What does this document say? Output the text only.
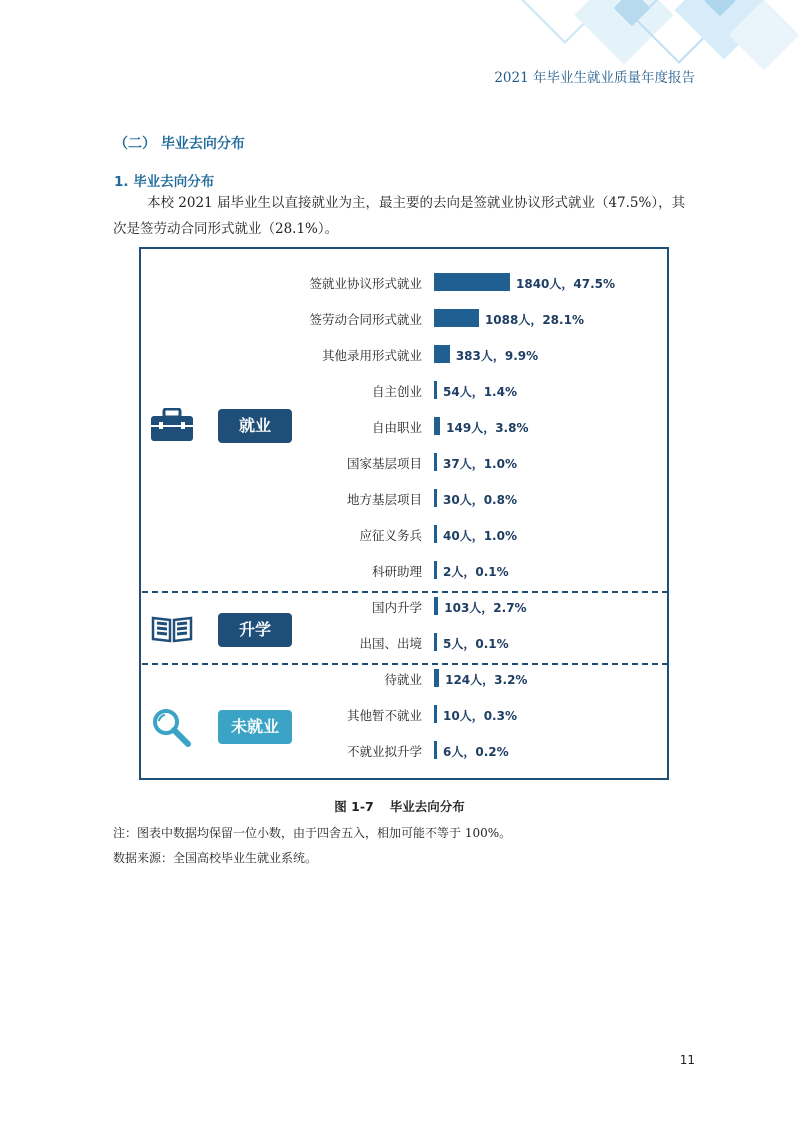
2021 年毕业生就业质量年度报告
（二） 毕业去向分布
1. 毕业去向分布
本校 2021 届毕业生以直接就业为主，最主要的去向是签就业协议形式就业（47.5%），其
次是签劳动合同形式就业（28.1%）。
签就业协议形式就业	1840人，47.5%
签劳动合同形式就业	1088人，28.1%
其他录用形式就业	383人，9.9%
自主创业 54人，1.4%
自由职业 149人，3.8%
国家基层项目 37人，1.0%
地方基层项目 30人，0.8%
应征义务兵 40人，1.0%
科研助理 2人，0.1%
国内升学 103人，2.7%
出国、出境 5人，0.1%
待就业 124人，3.2%
其他暂不就业 10人，0.3%
不就业拟升学 6人，0.2%
就业
升学
未就业
图 1-7 毕业去向分布
注：图表中数据均保留一位小数，由于四舍五入，相加可能不等于 100%。
数据来源：全国高校毕业生就业系统。
11
